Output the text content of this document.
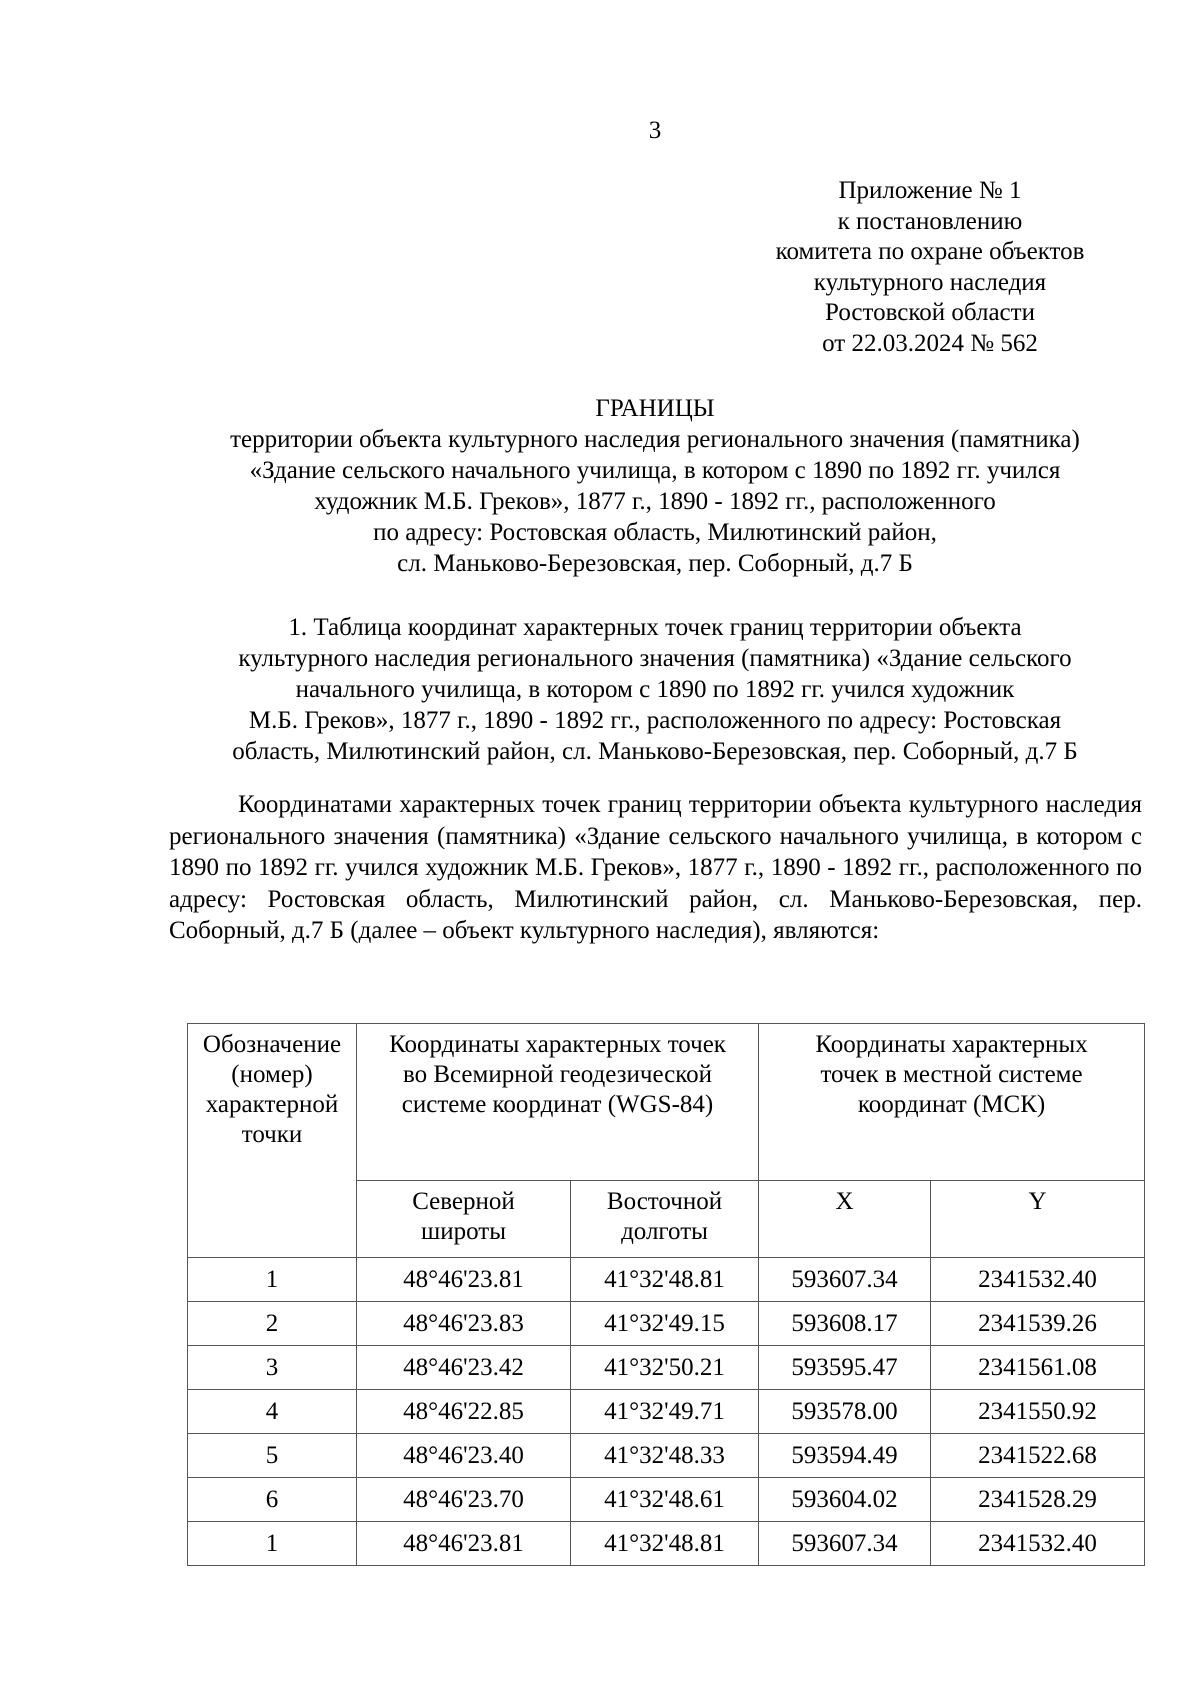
3
Приложение № 1
к постановлению
комитета по охране объектов
культурного наследия
Ростовской области
от 22.03.2024 № 562
ГРАНИЦЫ
территории объекта культурного наследия регионального значения (памятника)
«Здание сельского начального училища, в котором с 1890 по 1892 гг. учился
художник М.Б. Греков», 1877 г., 1890 - 1892 гг., расположенного
по адресу: Ростовская область, Милютинский район,
сл. Маньково-Березовская, пер. Соборный, д.7 Б
1. Таблица координат характерных точек границ территории объекта
культурного наследия регионального значения (памятника) «Здание сельского
начального училища, в котором с 1890 по 1892 гг. учился художник
М.Б. Греков», 1877 г., 1890 - 1892 гг., расположенного по адресу: Ростовская
область, Милютинский район, сл. Маньково-Березовская, пер. Соборный, д.7 Б
Координатами характерных точек границ территории объекта культурного наследия регионального значения (памятника) «Здание сельского начального училища, в котором с 1890 по 1892 гг. учился художник М.Б. Греков», 1877 г., 1890 - 1892 гг., расположенного по адресу: Ростовская область, Милютинский район, сл. Маньково-Березовская, пер. Соборный, д.7 Б (далее – объект культурного наследия), являются:
Обозначение (номер) характерной точки	Координаты характерных точек во Всемирной геодезической системе координат (WGS-84)		Координаты характерных точек в местной системе координат (МСК)	
	Северной широты	Восточной долготы	X	Y
1	48°46'23.81	41°32'48.81	593607.34	2341532.40
2	48°46'23.83	41°32'49.15	593608.17	2341539.26
3	48°46'23.42	41°32'50.21	593595.47	2341561.08
4	48°46'22.85	41°32'49.71	593578.00	2341550.92
5	48°46'23.40	41°32'48.33	593594.49	2341522.68
6	48°46'23.70	41°32'48.61	593604.02	2341528.29
1	48°46'23.81	41°32'48.81	593607.34	2341532.40
